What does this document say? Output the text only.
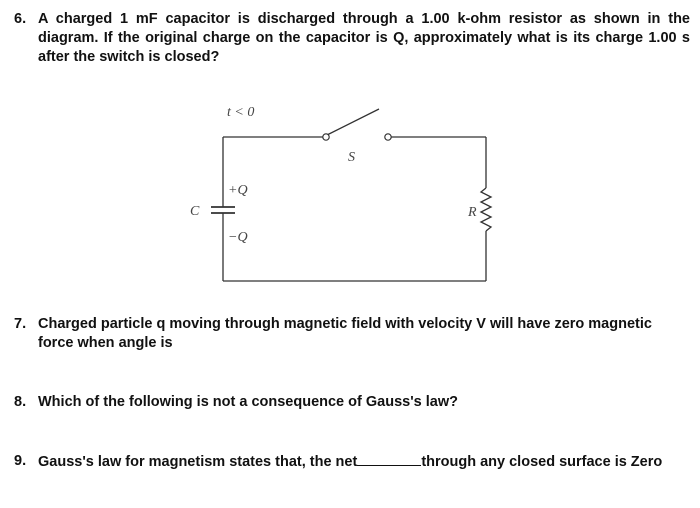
6. A charged 1 mF capacitor is discharged through a 1.00 k-ohm resistor as shown in the diagram. If the original charge on the capacitor is Q, approximately what is its charge 1.00 s after the switch is closed?
t < 0
S
C
+Q
−Q
R
7. Charged particle q moving through magnetic field with velocity V will have zero magnetic force when angle is
8. Which of the following is not a consequence of Gauss's law?
9. Gauss's law for magnetism states that, the net	through any closed surface is Zero
